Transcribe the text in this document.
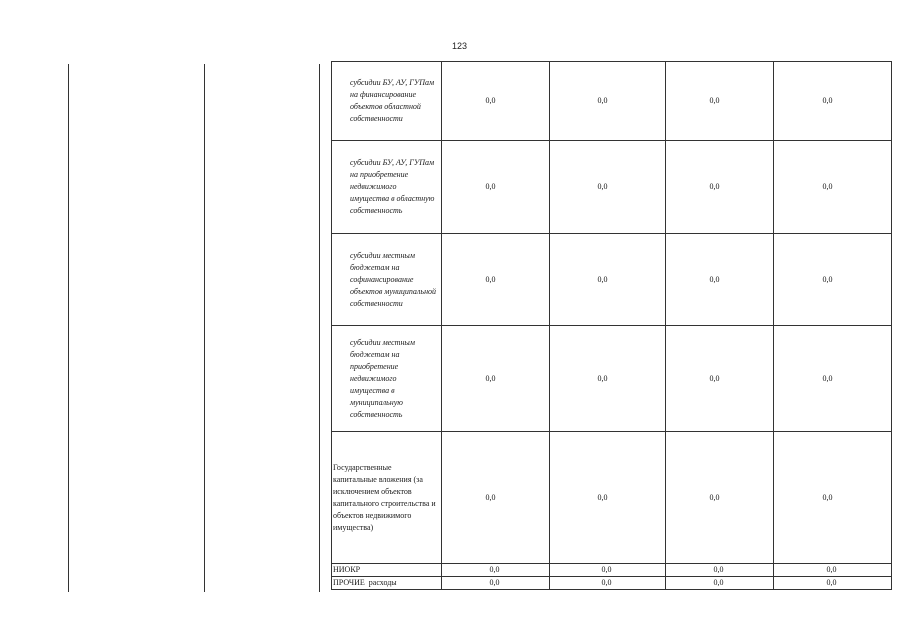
123
субсидии БУ, АУ, ГУПам на финансирование объектов областной собственности	0,0	0,0	0,0	0,0
субсидии БУ, АУ, ГУПам на приобретение недвижимого имущества в областную собственность	0,0	0,0	0,0	0,0
субсидии местным бюджетам на софинансирование объектов муниципальной собственности	0,0	0,0	0,0	0,0
субсидии местным бюджетам на приобретение недвижимого имущества в муниципальную собственность	0,0	0,0	0,0	0,0
Государственные капитальные вложения (за исключением объектов капитального строительства и объектов недвижимого имущества)	0,0	0,0	0,0	0,0
НИОКР	0,0	0,0	0,0	0,0
ПРОЧИЕ  расходы	0,0	0,0	0,0	0,0
